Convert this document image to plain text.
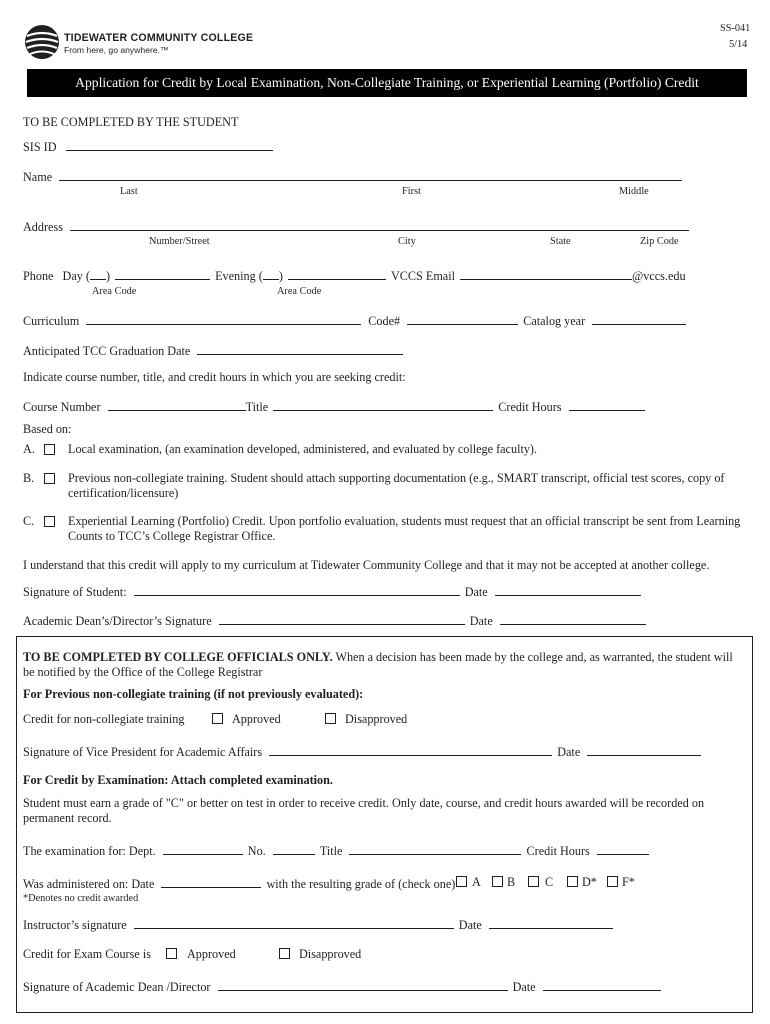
TIDEWATER COMMUNITY COLLEGE
From here, go anywhere.™
SS-041
5/14
Application for Credit by Local Examination, Non-Collegiate Training, or Experiential Learning (Portfolio) Credit
TO BE COMPLETED BY THE STUDENT
SIS ID
Name
Last	First	Middle
Address
Number/Street	City	State	Zip Code
Phone Day ( )	Evening ( )	VCCS Email	@vccs.edu
Area Code	Area Code
Curriculum	Code#	Catalog year
Anticipated TCC Graduation Date
Indicate course number, title, and credit hours in which you are seeking credit:
Course Number	Title	Credit Hours
Based on:
A.	Local examination, (an examination developed, administered, and evaluated by college faculty).
B.	Previous non-collegiate training. Student should attach supporting documentation (e.g., SMART transcript, official test scores, copy of
certification/licensure)
C.	Experiential Learning (Portfolio) Credit. Upon portfolio evaluation, students must request that an official transcript be sent from Learning
Counts to TCC’s College Registrar Office.
I understand that this credit will apply to my curriculum at Tidewater Community College and that it may not be accepted at another college.
Signature of Student:	Date
Academic Dean’s/Director’s Signature	Date
TO BE COMPLETED BY COLLEGE OFFICIALS ONLY. When a decision has been made by the college and, as warranted, the student will
be notified by the Office of the College Registrar
For Previous non-collegiate training (if not previously evaluated):
Credit for non-collegiate training	Approved	Disapproved
Signature of Vice President for Academic Affairs	Date
For Credit by Examination: Attach completed examination.
Student must earn a grade of "C" or better on test in order to receive credit. Only date, course, and credit hours awarded will be recorded on
permanent record.
The examination for: Dept.	No.	Title	Credit Hours
Was administered on: Date	with the resulting grade of (check one) A B C D* F*
*Denotes no credit awarded
Instructor’s signature	Date
Credit for Exam Course is	Approved	Disapproved
Signature of Academic Dean /Director	Date
